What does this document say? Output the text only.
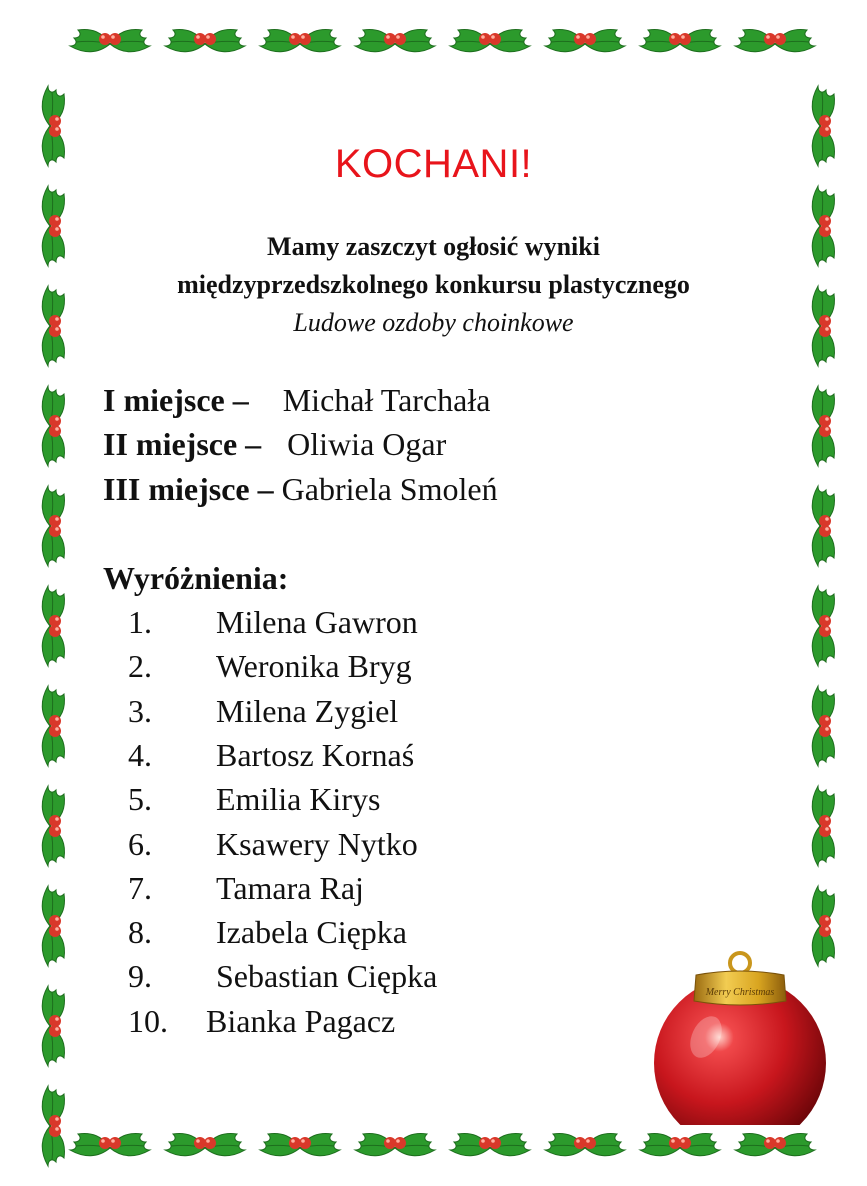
KOCHANI!
Mamy zaszczyt ogłosić wyniki
międzyprzedszkolnego konkursu plastycznego
Ludowe ozdoby choinkowe
I miejsce – Michał Tarchała
II miejsce – Oliwia Ogar
III miejsce – Gabriela Smoleń
Wyróżnienia:
1. Milena Gawron
2. Weronika Bryg
3. Milena Zygiel
4. Bartosz Kornaś
5. Emilia Kirys
6. Ksawery Nytko
7. Tamara Raj
8. Izabela Ciępka
9. Sebastian Ciępka
10. Bianka Pagacz
Merry Christmas
